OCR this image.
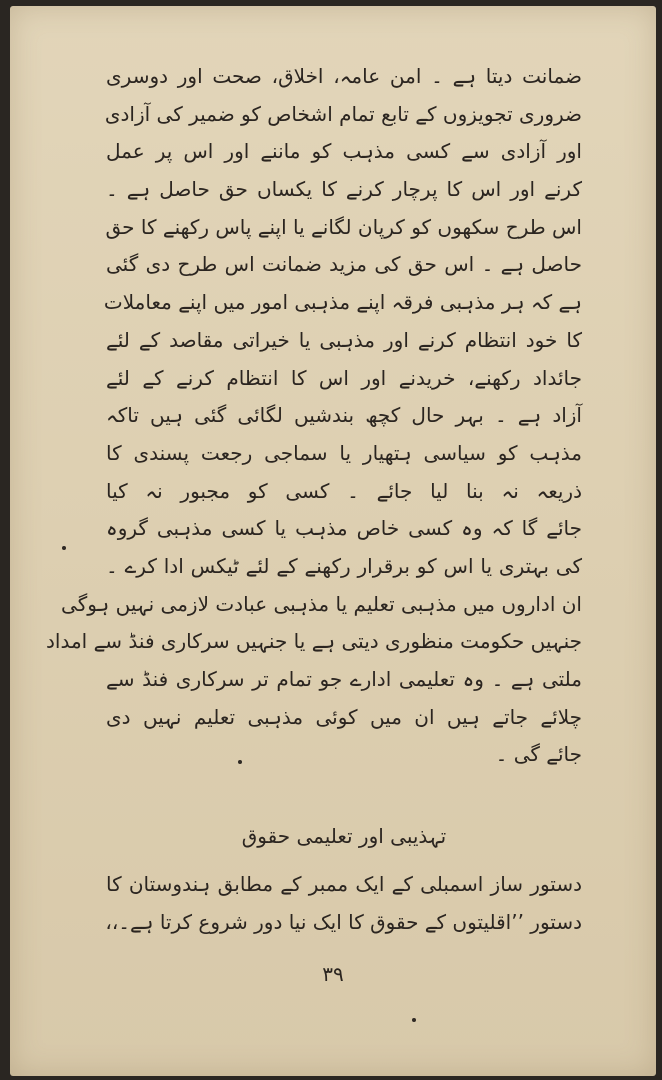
ضمانت دیتا ہے ۔ امن عامہ، اخلاق، صحت اور دوسری
ضروری تجویزوں کے تابع تمام اشخاص کو ضمیر کی آزادی
اور آزادی سے کسی مذہب کو ماننے اور اس پر عمل
کرنے اور اس کا پرچار کرنے کا یکساں حق حاصل ہے ۔
اس طرح سکھوں کو کرپان لگانے یا اپنے پاس رکھنے کا حق
حاصل ہے ۔ اس حق کی مزید ضمانت اس طرح دی گئی
ہے کہ ہر مذہبی فرقہ اپنے مذہبی امور میں اپنے معاملات
کا خود انتظام کرنے اور مذہبی یا خیراتی مقاصد کے لئے
جائداد رکھنے، خریدنے اور اس کا انتظام کرنے کے لئے
آزاد ہے ۔ بہر حال کچھ بندشیں لگائی گئی ہیں تاکہ
مذہب کو سیاسی ہتھیار یا سماجی رجعت پسندی کا
ذریعہ نہ بنا لیا جائے ۔ کسی کو مجبور نہ کیا
جائے گا کہ وہ کسی خاص مذہب یا کسی مذہبی گروہ
کی بہتری یا اس کو برقرار رکھنے کے لئے ٹیکس ادا کرے ۔
ان اداروں میں مذہبی تعلیم یا مذہبی عبادت لازمی نہیں ہوگی
جنہیں حکومت منظوری دیتی ہے یا جنہیں سرکاری فنڈ سے امداد
ملتی ہے ۔ وہ تعلیمی ادارے جو تمام تر سرکاری فنڈ سے
چلائے جاتے ہیں ان میں کوئی مذہبی تعلیم نہیں دی
جائے گی ۔
تہذیبی اور تعلیمی حقوق
دستور ساز اسمبلی کے ایک ممبر کے مطابق ہندوستان کا
دستور ’’اقلیتوں کے حقوق کا ایک نیا دور شروع کرتا ہے۔،،
۳۹
